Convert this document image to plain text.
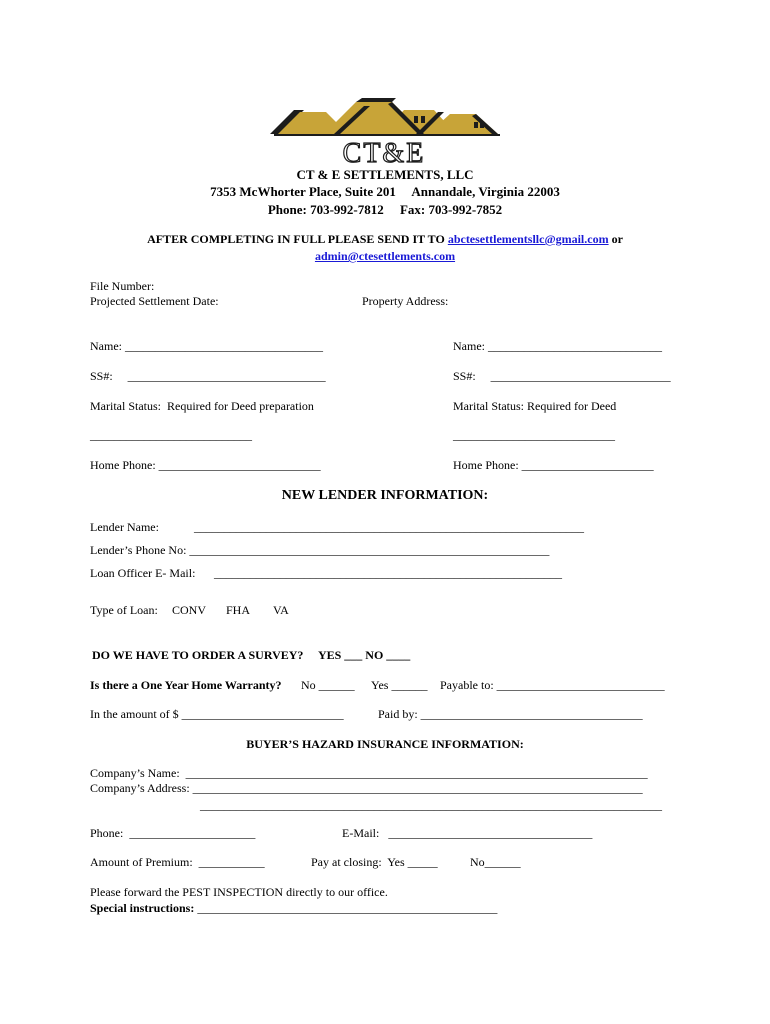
CT&E
CT & E SETTLEMENTS, LLC
7353 McWhorter Place, Suite 201     Annandale, Virginia 22003
Phone: 703-992-7812     Fax: 703-992-7852
AFTER COMPLETING IN FULL PLEASE SEND IT TO abctesettlementsllc@gmail.com or
admin@ctesettlements.com
File Number:
Projected Settlement Date:	Property Address:
Name: _________________________________	Name: _____________________________
SS#:     _________________________________	SS#:     ______________________________
Marital Status:  Required for Deed preparation	Marital Status: Required for Deed
___________________________	___________________________
Home Phone: ___________________________	Home Phone: ______________________
NEW LENDER INFORMATION:
Lender Name:	_________________________________________________________________
Lender’s Phone No: ____________________________________________________________
Loan Officer E- Mail: __________________________________________________________
Type of Loan: CONV FHA VA
DO WE HAVE TO ORDER A SURVEY?     YES ___ NO ____
Is there a One Year Home Warranty? No ______ Yes ______ Payable to: ____________________________
In the amount of $ ___________________________	Paid by: _____________________________________
BUYER’S HAZARD INSURANCE INFORMATION:
Company’s Name:  _____________________________________________________________________________
Company’s Address: ___________________________________________________________________________
_____________________________________________________________________________
Phone:  _____________________	E-Mail:   __________________________________
Amount of Premium:  ___________	Pay at closing:  Yes _____	No______
Please forward the PEST INSPECTION directly to our office.
Special instructions: __________________________________________________
